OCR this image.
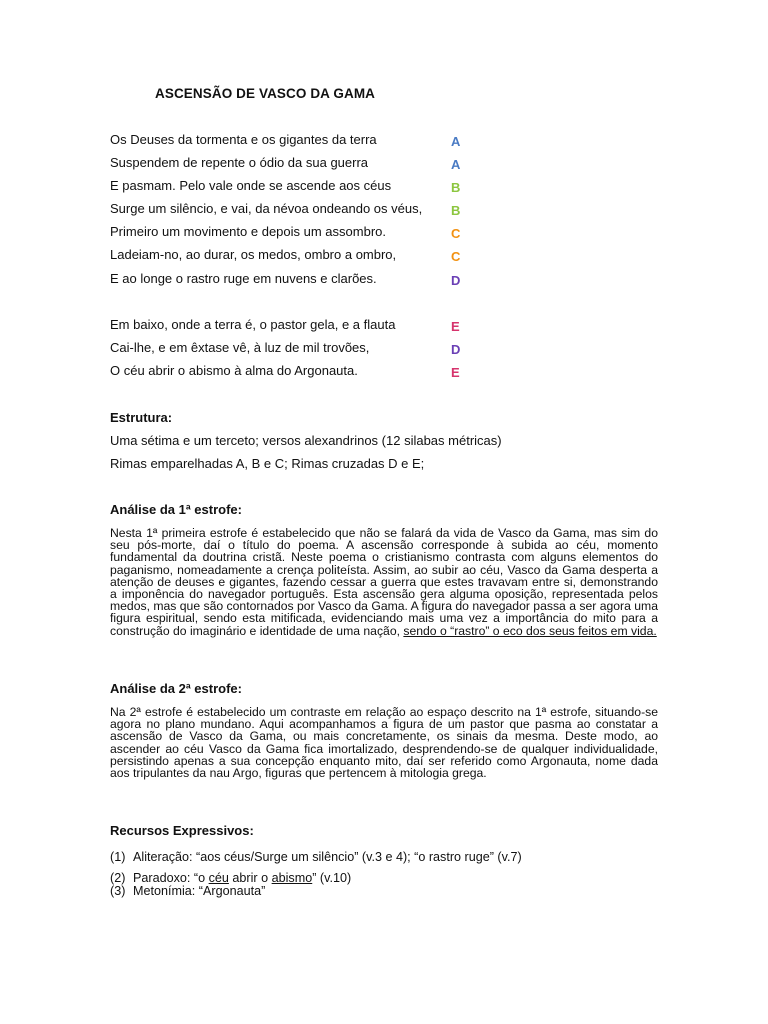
ASCENSÃO DE VASCO DA GAMA
Os Deuses da tormenta e os gigantes da terra	A
Suspendem de repente o ódio da sua guerra	A
E pasmam. Pelo vale onde se ascende aos céus	B
Surge um silêncio, e vai, da névoa ondeando os véus,	B
Primeiro um movimento e depois um assombro.	C
Ladeiam-no, ao durar, os medos, ombro a ombro,	C
E ao longe o rastro ruge em nuvens e clarões.	D
Em baixo, onde a terra é, o pastor gela, e a flauta	E
Cai-lhe, e em êxtase vê, à luz de mil trovões,	D
O céu abrir o abismo à alma do Argonauta.	E
Estrutura:
Uma sétima e um terceto; versos alexandrinos (12 silabas métricas)
Rimas emparelhadas A, B e C; Rimas cruzadas D e E;
Análise da 1ª estrofe:
Nesta 1ª primeira estrofe é estabelecido que não se falará da vida de Vasco da Gama, mas sim do seu pós-morte, daí o título do poema. A ascensão corresponde à subida ao céu, momento fundamental da doutrina cristã. Neste poema o cristianismo contrasta com alguns elementos do paganismo, nomeadamente a crença politeísta. Assim, ao subir ao céu, Vasco da Gama desperta a atenção de deuses e gigantes, fazendo cessar a guerra que estes travavam entre si, demonstrando a imponência do navegador português. Esta ascensão gera alguma oposição, representada pelos medos, mas que são contornados por Vasco da Gama. A figura do navegador passa a ser agora uma figura espiritual, sendo esta mitificada, evidenciando mais uma vez a importância do mito para a construção do imaginário e identidade de uma nação, sendo o “rastro” o eco dos seus feitos em vida.
Análise da 2ª estrofe:
Na 2ª estrofe é estabelecido um contraste em relação ao espaço descrito na 1ª estrofe, situando-se agora no plano mundano. Aqui acompanhamos a figura de um pastor que pasma ao constatar a ascensão de Vasco da Gama, ou mais concretamente, os sinais da mesma. Deste modo, ao ascender ao céu Vasco da Gama fica imortalizado, desprendendo-se de qualquer individualidade, persistindo apenas a sua concepção enquanto mito, daí ser referido como Argonauta, nome dada aos tripulantes da nau Argo, figuras que pertencem à mitologia grega.
Recursos Expressivos:
(1) Aliteração: “aos céus/Surge um silêncio” (v.3 e 4); “o rastro ruge” (v.7)
(2) Paradoxo: “o céu abrir o abismo” (v.10)
(3) Metonímia: “Argonauta”
